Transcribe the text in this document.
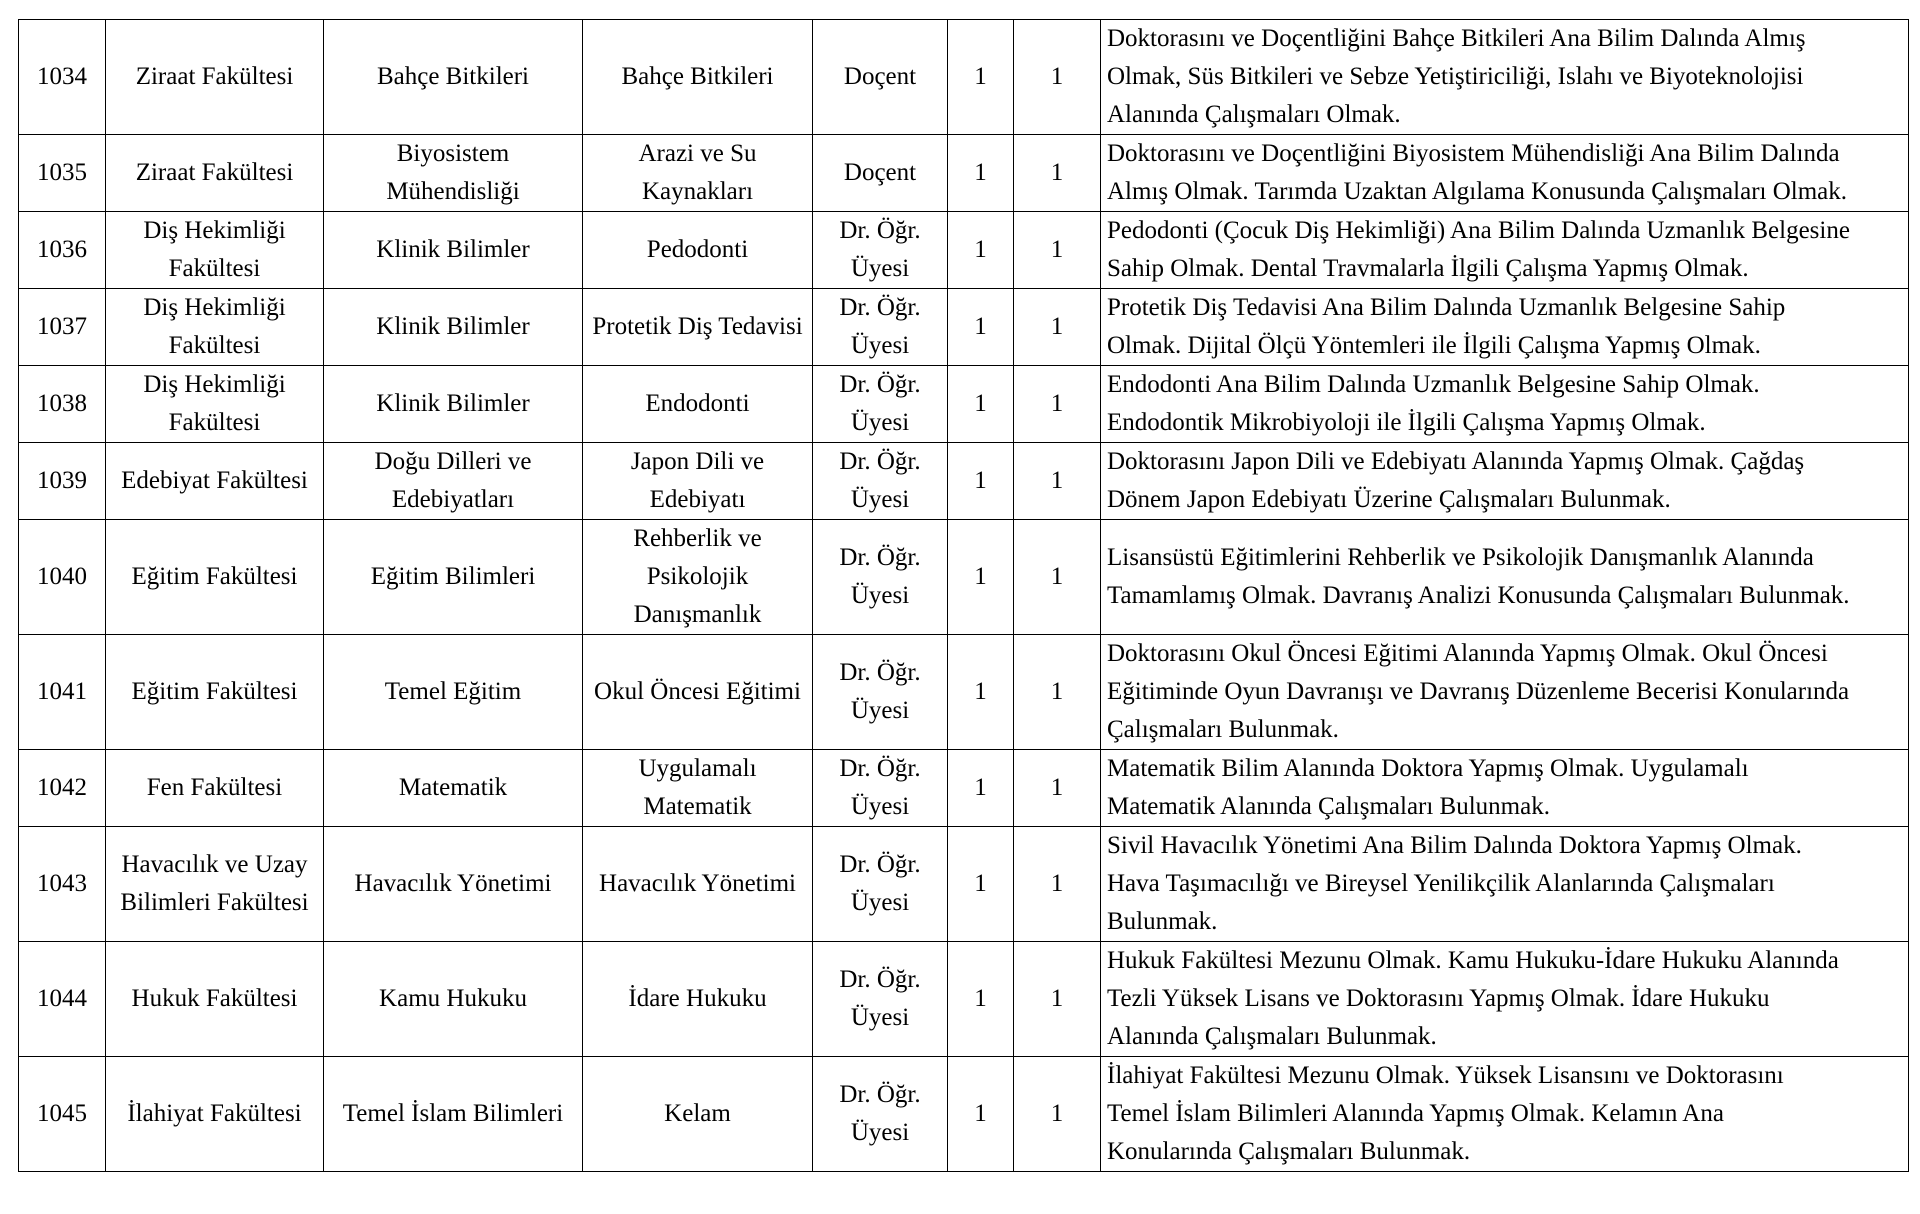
1034	Ziraat Fakültesi	Bahçe Bitkileri	Bahçe Bitkileri	Doçent	1	1	Doktorasını ve Doçentliğini Bahçe Bitkileri Ana Bilim Dalında Almış
Olmak, Süs Bitkileri ve Sebze Yetiştiriciliği, Islahı ve Biyoteknolojisi
Alanında Çalışmaları Olmak.

1035	Ziraat Fakültesi	Biyosistem Mühendisliği	Arazi ve Su Kaynakları	Doçent	1	1	Doktorasını ve Doçentliğini Biyosistem Mühendisliği Ana Bilim Dalında
Almış Olmak. Tarımda Uzaktan Algılama Konusunda Çalışmaları Olmak.

1036	Diş Hekimliği Fakültesi	Klinik Bilimler	Pedodonti	Dr. Öğr. Üyesi	1	1	Pedodonti (Çocuk Diş Hekimliği) Ana Bilim Dalında Uzmanlık Belgesine
Sahip Olmak. Dental Travmalarla İlgili Çalışma Yapmış Olmak.

1037	Diş Hekimliği Fakültesi	Klinik Bilimler	Protetik Diş Tedavisi	Dr. Öğr. Üyesi	1	1	Protetik Diş Tedavisi Ana Bilim Dalında Uzmanlık Belgesine Sahip
Olmak. Dijital Ölçü Yöntemleri ile İlgili Çalışma Yapmış Olmak.

1038	Diş Hekimliği Fakültesi	Klinik Bilimler	Endodonti	Dr. Öğr. Üyesi	1	1	Endodonti Ana Bilim Dalında Uzmanlık Belgesine Sahip Olmak.
Endodontik Mikrobiyoloji ile İlgili Çalışma Yapmış Olmak.

1039	Edebiyat Fakültesi	Doğu Dilleri ve Edebiyatları	Japon Dili ve Edebiyatı	Dr. Öğr. Üyesi	1	1	Doktorasını Japon Dili ve Edebiyatı Alanında Yapmış Olmak. Çağdaş
Dönem Japon Edebiyatı Üzerine Çalışmaları Bulunmak.

1040	Eğitim Fakültesi	Eğitim Bilimleri	Rehberlik ve Psikolojik Danışmanlık	Dr. Öğr. Üyesi	1	1	Lisansüstü Eğitimlerini Rehberlik ve Psikolojik Danışmanlık Alanında
Tamamlamış Olmak. Davranış Analizi Konusunda Çalışmaları Bulunmak.

1041	Eğitim Fakültesi	Temel Eğitim	Okul Öncesi Eğitimi	Dr. Öğr. Üyesi	1	1	Doktorasını Okul Öncesi Eğitimi Alanında Yapmış Olmak. Okul Öncesi
Eğitiminde Oyun Davranışı ve Davranış Düzenleme Becerisi Konularında
Çalışmaları Bulunmak.

1042	Fen Fakültesi	Matematik	Uygulamalı Matematik	Dr. Öğr. Üyesi	1	1	Matematik Bilim Alanında Doktora Yapmış Olmak. Uygulamalı
Matematik Alanında Çalışmaları Bulunmak.

1043	Havacılık ve Uzay Bilimleri Fakültesi	Havacılık Yönetimi	Havacılık Yönetimi	Dr. Öğr. Üyesi	1	1	Sivil Havacılık Yönetimi Ana Bilim Dalında Doktora Yapmış Olmak.
Hava Taşımacılığı ve Bireysel Yenilikçilik Alanlarında Çalışmaları
Bulunmak.

1044	Hukuk Fakültesi	Kamu Hukuku	İdare Hukuku	Dr. Öğr. Üyesi	1	1	Hukuk Fakültesi Mezunu Olmak. Kamu Hukuku-İdare Hukuku Alanında
Tezli Yüksek Lisans ve Doktorasını Yapmış Olmak. İdare Hukuku
Alanında Çalışmaları Bulunmak.

1045	İlahiyat Fakültesi	Temel İslam Bilimleri	Kelam	Dr. Öğr. Üyesi	1	1	İlahiyat Fakültesi Mezunu Olmak. Yüksek Lisansını ve Doktorasını
Temel İslam Bilimleri Alanında Yapmış Olmak. Kelamın Ana
Konularında Çalışmaları Bulunmak.
